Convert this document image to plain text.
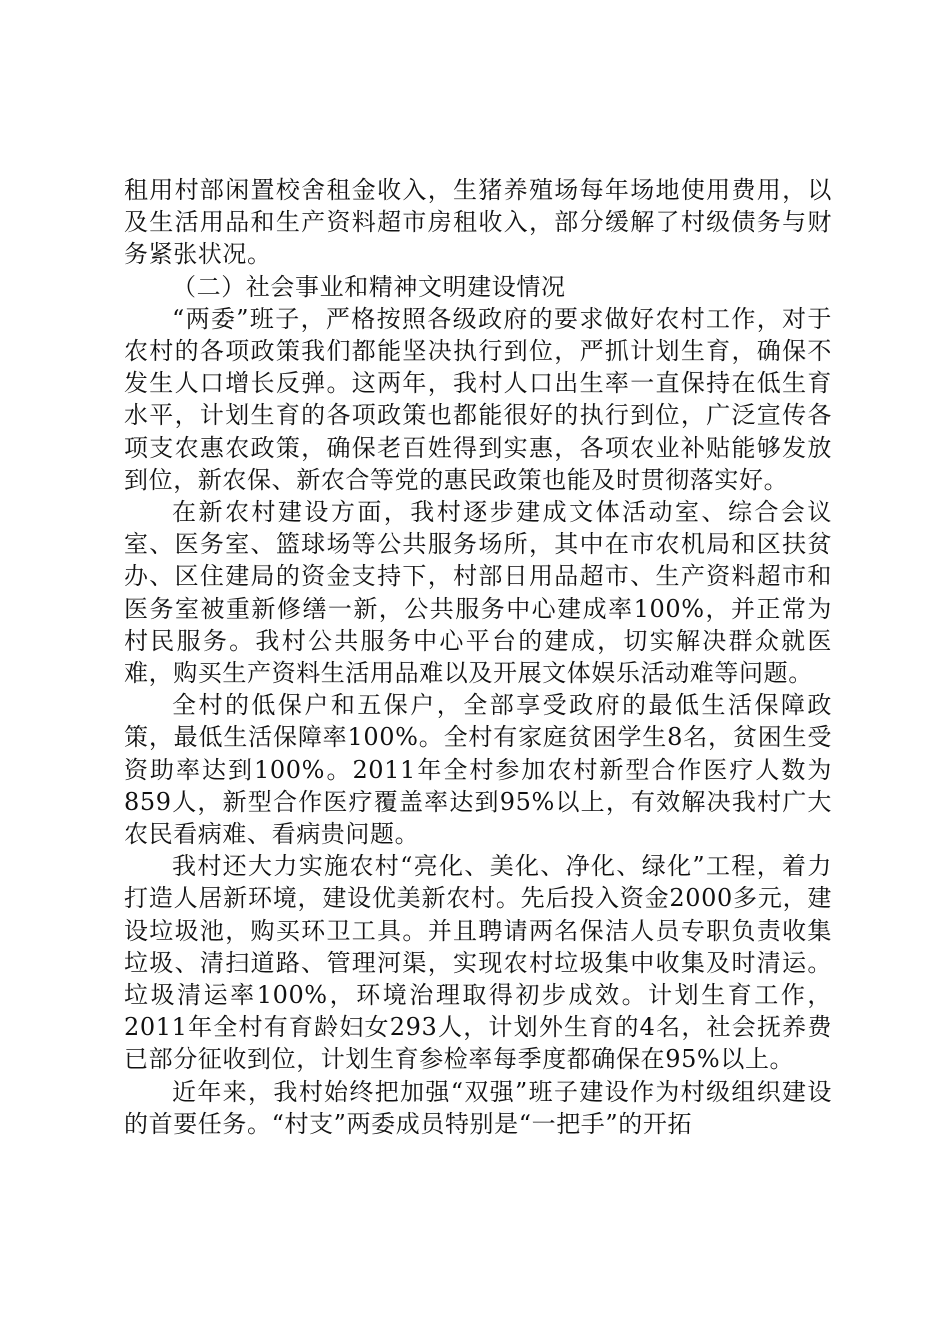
租用村部闲置校舍租金收入，生猪养殖场每年场地使用费用，以及生活用品和生产资料超市房租收入，部分缓解了村级债务与财务紧张状况。

（二）社会事业和精神文明建设情况

“两委”班子，严格按照各级政府的要求做好农村工作，对于农村的各项政策我们都能坚决执行到位，严抓计划生育，确保不发生人口增长反弹。这两年，我村人口出生率一直保持在低生育水平，计划生育的各项政策也都能很好的执行到位，广泛宣传各项支农惠农政策，确保老百姓得到实惠，各项农业补贴能够发放到位，新农保、新农合等党的惠民政策也能及时贯彻落实好。

在新农村建设方面，我村逐步建成文体活动室、综合会议室、医务室、篮球场等公共服务场所，其中在市农机局和区扶贫办、区住建局的资金支持下，村部日用品超市、生产资料超市和医务室被重新修缮一新，公共服务中心建成率100%，并正常为村民服务。我村公共服务中心平台的建成，切实解决群众就医难，购买生产资料生活用品难以及开展文体娱乐活动难等问题。

全村的低保户和五保户，全部享受政府的最低生活保障政策，最低生活保障率100%。全村有家庭贫困学生8名，贫困生受资助率达到100%。2011年全村参加农村新型合作医疗人数为859人，新型合作医疗覆盖率达到95%以上，有效解决我村广大农民看病难、看病贵问题。

我村还大力实施农村“亮化、美化、净化、绿化”工程，着力打造人居新环境，建设优美新农村。先后投入资金2000多元，建设垃圾池，购买环卫工具。并且聘请两名保洁人员专职负责收集垃圾、清扫道路、管理河渠，实现农村垃圾集中收集及时清运。垃圾清运率100%，环境治理取得初步成效。计划生育工作，2011年全村有育龄妇女293人，计划外生育的4名，社会抚养费已部分征收到位，计划生育参检率每季度都确保在95%以上。

近年来，我村始终把加强“双强”班子建设作为村级组织建设的首要任务。“村支”两委成员特别是“一把手”的开拓
